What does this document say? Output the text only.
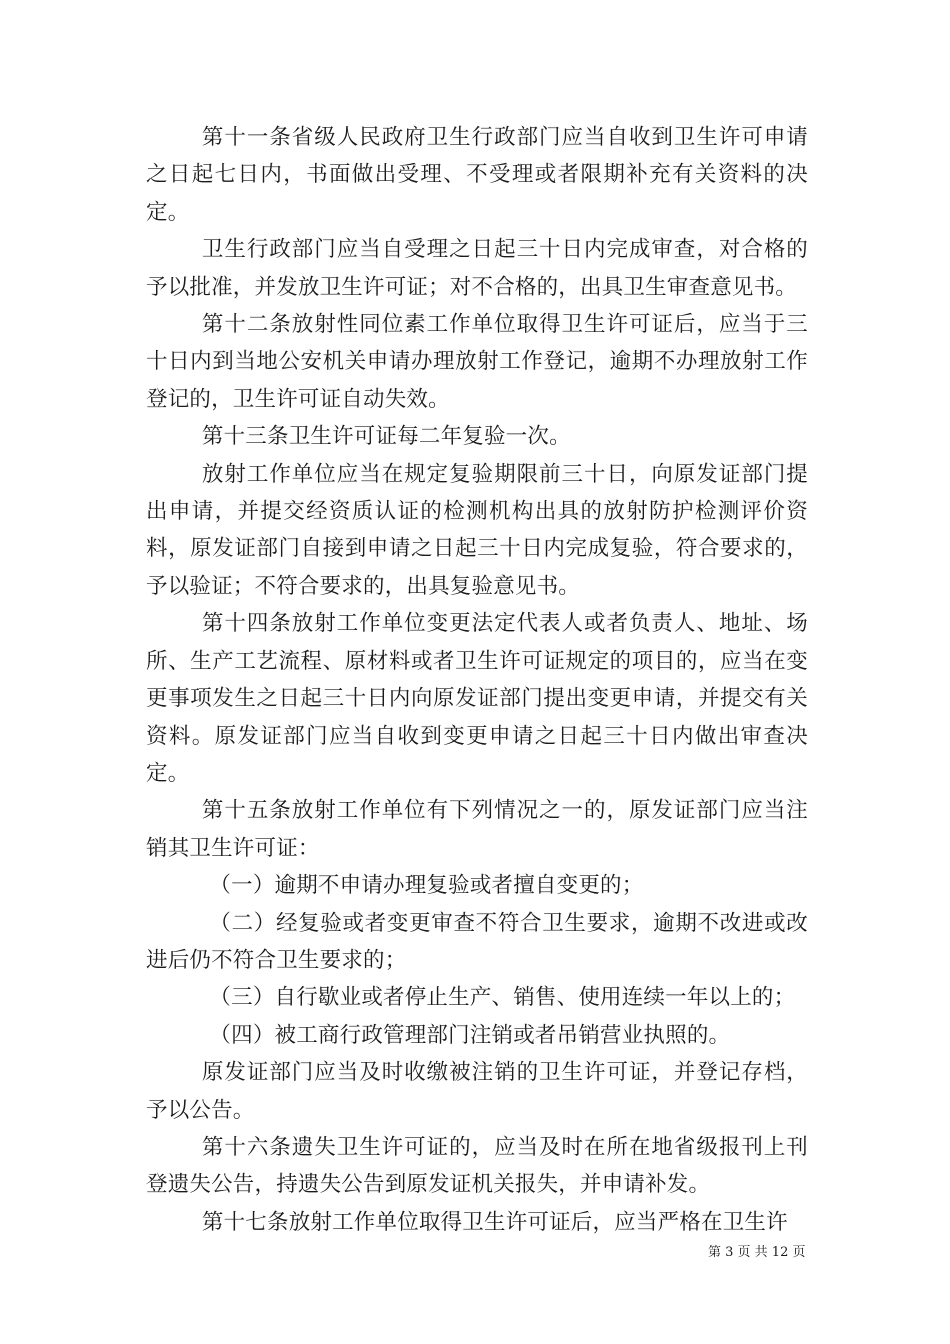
第十一条省级人民政府卫生行政部门应当自收到卫生许可申请之日起七日内，书面做出受理、不受理或者限期补充有关资料的决定。

卫生行政部门应当自受理之日起三十日内完成审查，对合格的予以批准，并发放卫生许可证；对不合格的，出具卫生审查意见书。

第十二条放射性同位素工作单位取得卫生许可证后，应当于三十日内到当地公安机关申请办理放射工作登记，逾期不办理放射工作登记的，卫生许可证自动失效。

第十三条卫生许可证每二年复验一次。

放射工作单位应当在规定复验期限前三十日，向原发证部门提出申请，并提交经资质认证的检测机构出具的放射防护检测评价资料，原发证部门自接到申请之日起三十日内完成复验，符合要求的，予以验证；不符合要求的，出具复验意见书。

第十四条放射工作单位变更法定代表人或者负责人、地址、场所、生产工艺流程、原材料或者卫生许可证规定的项目的，应当在变更事项发生之日起三十日内向原发证部门提出变更申请，并提交有关资料。原发证部门应当自收到变更申请之日起三十日内做出审查决定。

第十五条放射工作单位有下列情况之一的，原发证部门应当注销其卫生许可证：

（一）逾期不申请办理复验或者擅自变更的；

（二）经复验或者变更审查不符合卫生要求，逾期不改进或改进后仍不符合卫生要求的；

（三）自行歇业或者停止生产、销售、使用连续一年以上的；

（四）被工商行政管理部门注销或者吊销营业执照的。

原发证部门应当及时收缴被注销的卫生许可证，并登记存档，予以公告。

第十六条遗失卫生许可证的，应当及时在所在地省级报刊上刊登遗失公告，持遗失公告到原发证机关报失，并申请补发。

第十七条放射工作单位取得卫生许可证后，应当严格在卫生许

第 3 页 共 12 页
